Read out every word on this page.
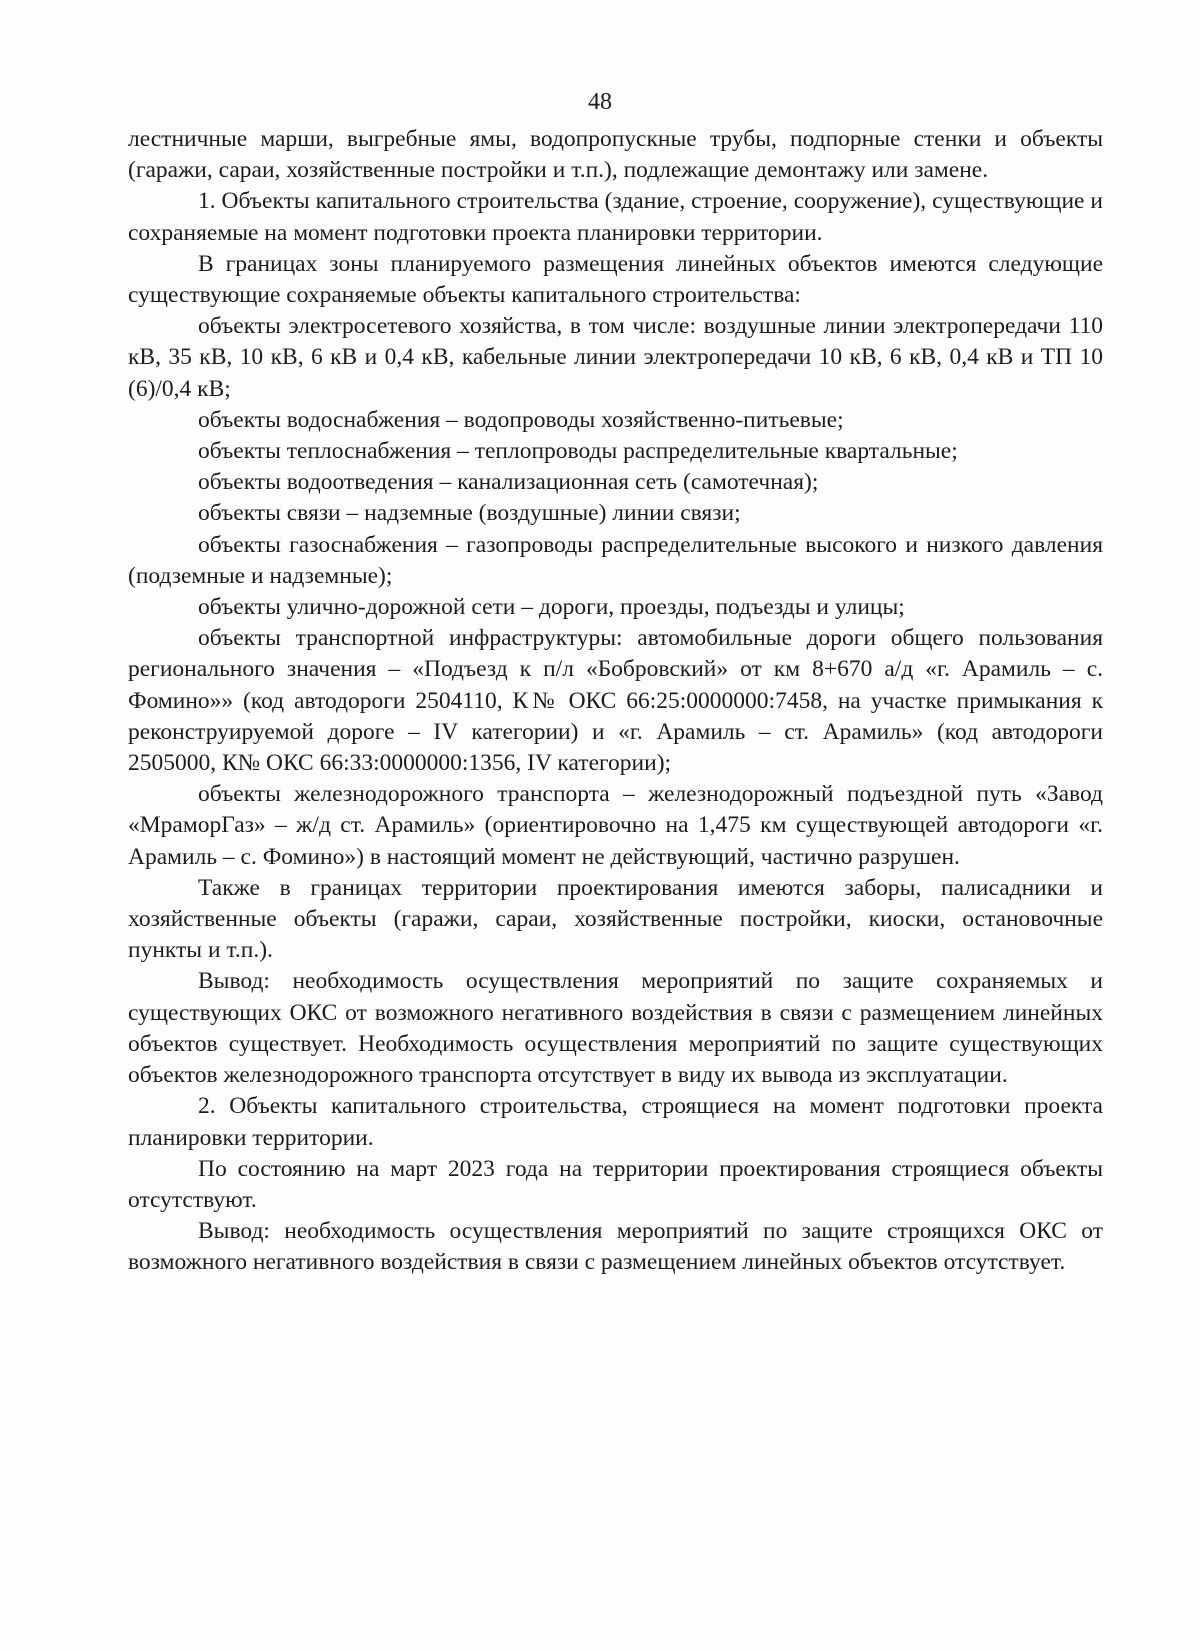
48

лестничные марши, выгребные ямы, водопропускные трубы, подпорные стенки и объекты (гаражи, сараи, хозяйственные постройки и т.п.), подлежащие демонтажу или замене.

1. Объекты капитального строительства (здание, строение, сооружение), существующие и сохраняемые на момент подготовки проекта планировки территории.

В границах зоны планируемого размещения линейных объектов имеются следующие существующие сохраняемые объекты капитального строительства:

объекты электросетевого хозяйства, в том числе: воздушные линии электропередачи 110 кВ, 35 кВ, 10 кВ, 6 кВ и 0,4 кВ, кабельные линии электропередачи 10 кВ, 6 кВ, 0,4 кВ и ТП 10 (6)/0,4 кВ;

объекты водоснабжения – водопроводы хозяйственно-питьевые;

объекты теплоснабжения – теплопроводы распределительные квартальные;

объекты водоотведения – канализационная сеть (самотечная);

объекты связи – надземные (воздушные) линии связи;

объекты газоснабжения – газопроводы распределительные высокого и низкого давления (подземные и надземные);

объекты улично-дорожной сети – дороги, проезды, подъезды и улицы;

объекты транспортной инфраструктуры: автомобильные дороги общего пользования регионального значения – «Подъезд к п/л «Бобровский» от км 8+670 а/д «г. Арамиль – с. Фомино»» (код автодороги 2504110, К№ ОКС 66:25:0000000:7458, на участке примыкания к реконструируемой дороге – IV категории) и «г. Арамиль – ст. Арамиль» (код автодороги 2505000, К№ ОКС 66:33:0000000:1356, IV категории);

объекты железнодорожного транспорта – железнодорожный подъездной путь «Завод «МраморГаз» – ж/д ст. Арамиль» (ориентировочно на 1,475 км существующей автодороги «г. Арамиль – с. Фомино») в настоящий момент не действующий, частично разрушен.

Также в границах территории проектирования имеются заборы, палисадники и хозяйственные объекты (гаражи, сараи, хозяйственные постройки, киоски, остановочные пункты и т.п.).

Вывод: необходимость осуществления мероприятий по защите сохраняемых и существующих ОКС от возможного негативного воздействия в связи с размещением линейных объектов существует. Необходимость осуществления мероприятий по защите существующих объектов железнодорожного транспорта отсутствует в виду их вывода из эксплуатации.

2. Объекты капитального строительства, строящиеся на момент подготовки проекта планировки территории.

По состоянию на март 2023 года на территории проектирования строящиеся объекты отсутствуют.

Вывод: необходимость осуществления мероприятий по защите строящихся ОКС от возможного негативного воздействия в связи с размещением линейных объектов отсутствует.
